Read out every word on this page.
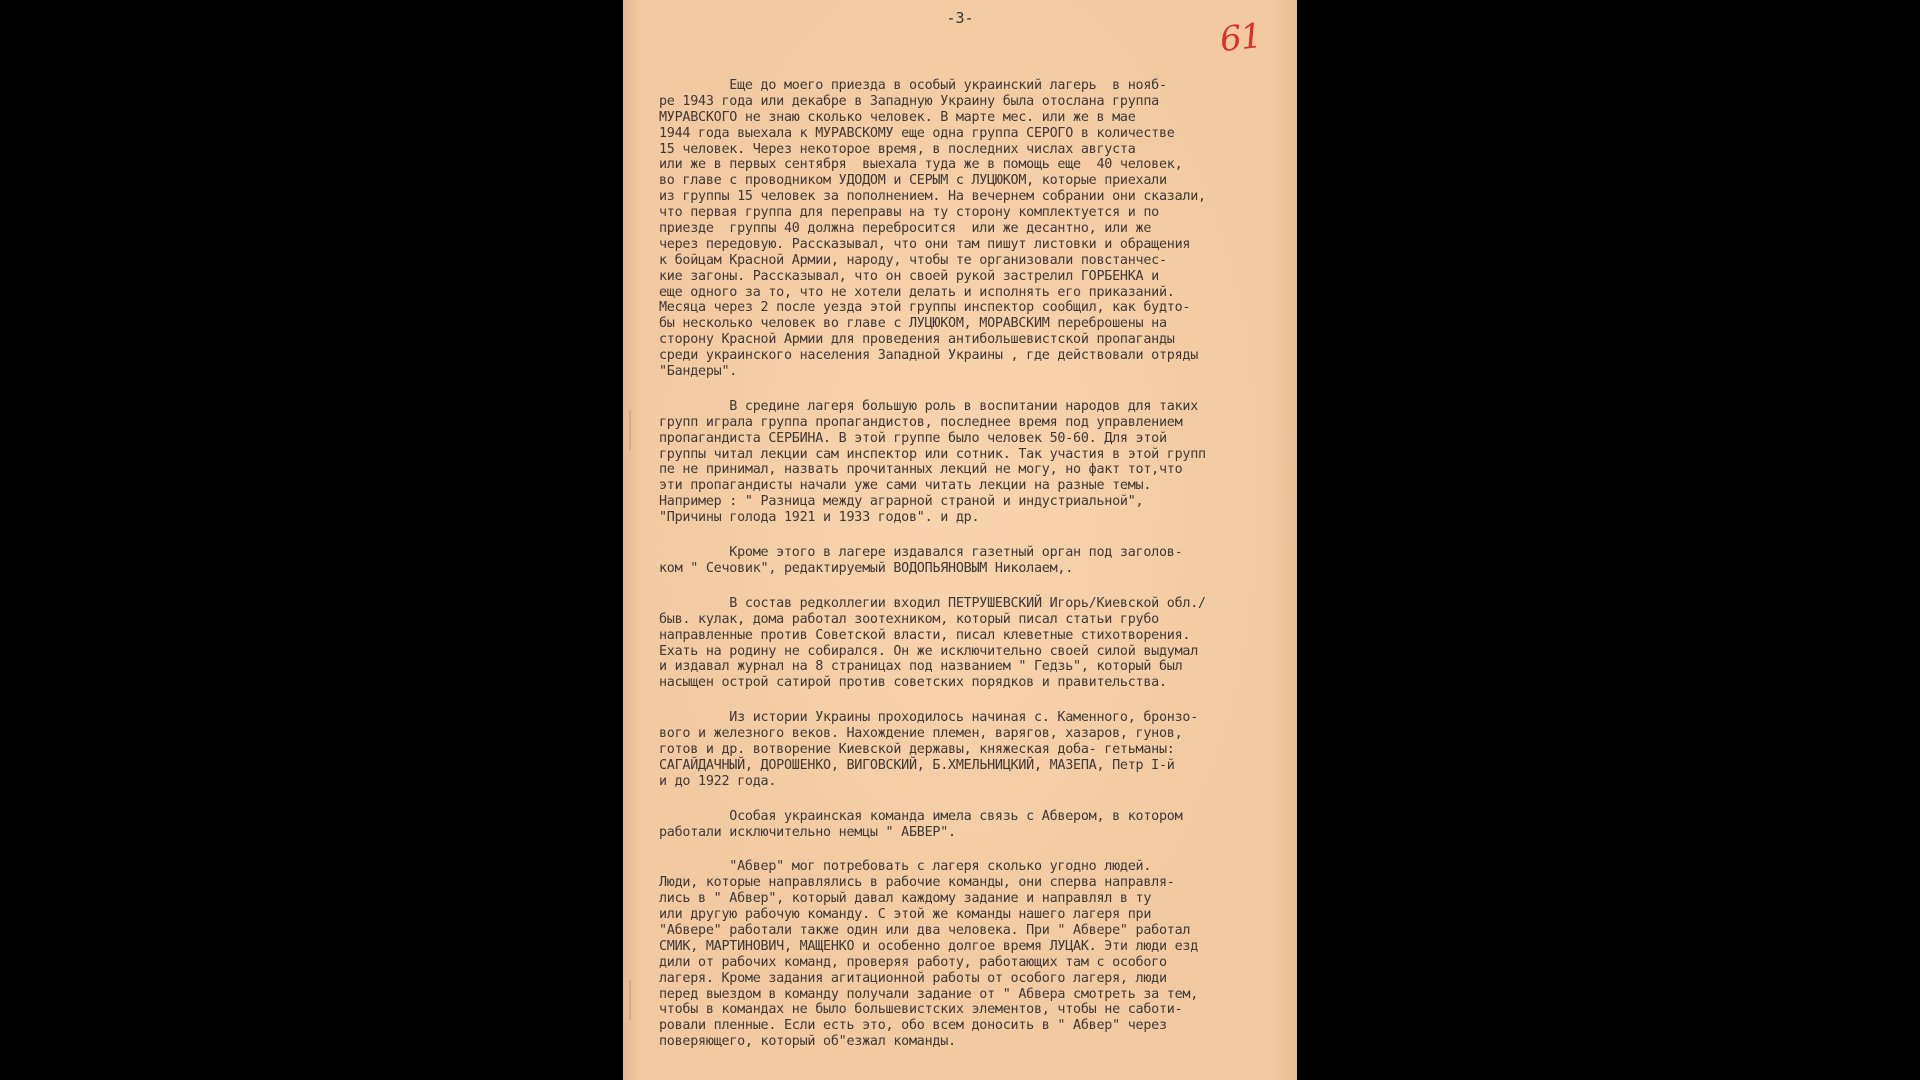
-3-	61
Еще до моего приезда в особый украинский лагерь  в нояб-
ре 1943 года или декабре в Западную Украину была отослана группа
МУРАВСКОГО не знаю сколько человек. В марте мес. или же в мае
1944 года выехала к МУРАВСКОМУ еще одна группа СЕРОГО в количестве
15 человек. Через некоторое время, в последних числах августа
или же в первых сентября  выехала туда же в помощь еще  40 человек,
во главе с проводником УДОДОМ и СЕРЫМ с ЛУЦЮКОМ, которые приехали
из группы 15 человек за пополнением. На вечернем собрании они сказали,
что первая группа для переправы на ту сторону комплектуется и по
приезде  группы 40 должна перебросится  или же десантно, или же
через передовую. Рассказывал, что они там пишут листовки и обращения
к бойцам Красной Армии, народу, чтобы те организовали повстанчес-
кие загоны. Рассказывал, что он своей рукой застрелил ГОРБЕНКА и
еще одного за то, что не хотели делать и исполнять его приказаний.
Месяца через 2 после уезда этой группы инспектор сообщил, как будто-
бы несколько человек во главе с ЛУЦЮКОМ, МОРАВСКИМ переброшены на
сторону Красной Армии для проведения антибольшевистской пропаганды
среди украинского населения Западной Украины , где действовали отряды
"Бандеры".
В средине лагеря большую роль в воспитании народов для таких
групп играла группа пропагандистов, последнее время под управлением
пропагандиста СЕРБИНА. В этой группе было человек 50-60. Для этой
группы читал лекции сам инспектор или сотник. Так участия в этой групп
пе не принимал, назвать прочитанных лекций не могу, но факт тот,что
эти пропагандисты начали уже сами читать лекции на разные темы.
Например : " Разница между аграрной страной и индустриальной",
"Причины голода 1921 и 1933 годов". и др.
Кроме этого в лагере издавался газетный орган под заголов-
ком " Сечовик", редактируемый ВОДОПЬЯНОВЫМ Николаем,.
В состав редколлегии входил ПЕТРУШЕВСКИЙ Игорь/Киевской обл./
быв. кулак, дома работал зоотехником, который писал статьи грубо
направленные против Советской власти, писал клеветные стихотворения.
Ехать на родину не собирался. Он же исключительно своей силой выдумал
и издавал журнал на 8 страницах под названием " Гедзь", который был
насыщен острой сатирой против советских порядков и правительства.
Из истории Украины проходилось начиная с. Каменного, бронзо-
вого и железного веков. Нахождение племен, варягов, хазаров, гунов,
готов и др. вотворение Киевской державы, княжеская доба- гетьманы:
САГАЙДАЧНЫЙ, ДОРОШЕНКО, ВИГОВСКИЙ, Б.ХМЕЛЬНИЦКИЙ, МАЗЕПА, Петр I-й
и до 1922 года.
Особая украинская команда имела связь с Абвером, в котором
работали исключительно немцы " АБВЕР".
"Абвер" мог потребовать с лагеря сколько угодно людей.
Люди, которые направлялись в рабочие команды, они сперва направля-
лись в " Абвер", который давал каждому задание и направлял в ту
или другую рабочую команду. С этой же команды нашего лагеря при
"Абвере" работали также один или два человека. При " Абвере" работал
СМИК, МАРТИНОВИЧ, МАЩЕНКО и особенно долгое время ЛУЦАК. Эти люди езд
дили от рабочих команд, проверяя работу, работающих там с особого
лагеря. Кроме задания агитационной работы от особого лагеря, люди
перед выездом в команду получали задание от " Абвера смотреть за тем,
чтобы в командах не было большевистских элементов, чтобы не саботи-
ровали пленные. Если есть это, обо всем доносить в " Абвер" через
поверяющего, который об"езжал команды.
